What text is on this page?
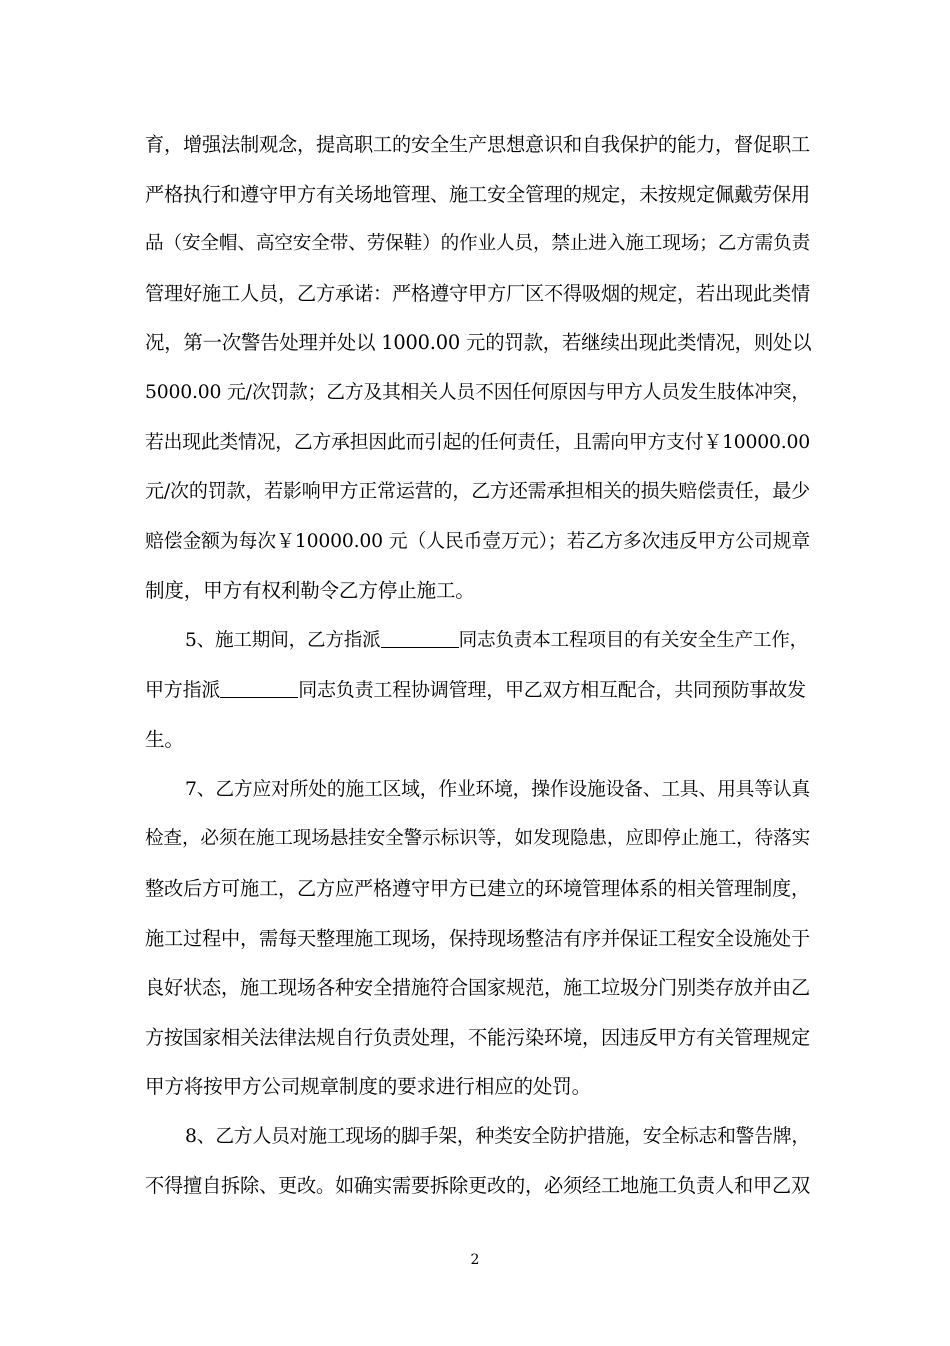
育，增强法制观念，提高职工的安全生产思想意识和自我保护的能力，督促职工
严格执行和遵守甲方有关场地管理、施工安全管理的规定，未按规定佩戴劳保用
品（安全帽、高空安全带、劳保鞋）的作业人员，禁止进入施工现场；乙方需负责
管理好施工人员，乙方承诺：严格遵守甲方厂区不得吸烟的规定，若出现此类情
况，第一次警告处理并处以 1000.00 元的罚款，若继续出现此类情况，则处以
5000.00 元/次罚款；乙方及其相关人员不因任何原因与甲方人员发生肢体冲突，
若出现此类情况，乙方承担因此而引起的任何责任，且需向甲方支付￥10000.00
元/次的罚款，若影响甲方正常运营的，乙方还需承担相关的损失赔偿责任，最少
赔偿金额为每次￥10000.00 元（人民币壹万元）；若乙方多次违反甲方公司规章
制度，甲方有权利勒令乙方停止施工。
5、施工期间，乙方指派	同志负责本工程项目的有关安全生产工作，
甲方指派	同志负责工程协调管理，甲乙双方相互配合，共同预防事故发
生。
7、乙方应对所处的施工区域，作业环境，操作设施设备、工具、用具等认真
检查，必须在施工现场悬挂安全警示标识等，如发现隐患，应即停止施工，待落实
整改后方可施工，乙方应严格遵守甲方已建立的环境管理体系的相关管理制度，
施工过程中，需每天整理施工现场，保持现场整洁有序并保证工程安全设施处于
良好状态，施工现场各种安全措施符合国家规范，施工垃圾分门别类存放并由乙
方按国家相关法律法规自行负责处理，不能污染环境，因违反甲方有关管理规定
甲方将按甲方公司规章制度的要求进行相应的处罚。
8、乙方人员对施工现场的脚手架，种类安全防护措施，安全标志和警告牌，
不得擅自拆除、更改。如确实需要拆除更改的，必须经工地施工负责人和甲乙双
2
